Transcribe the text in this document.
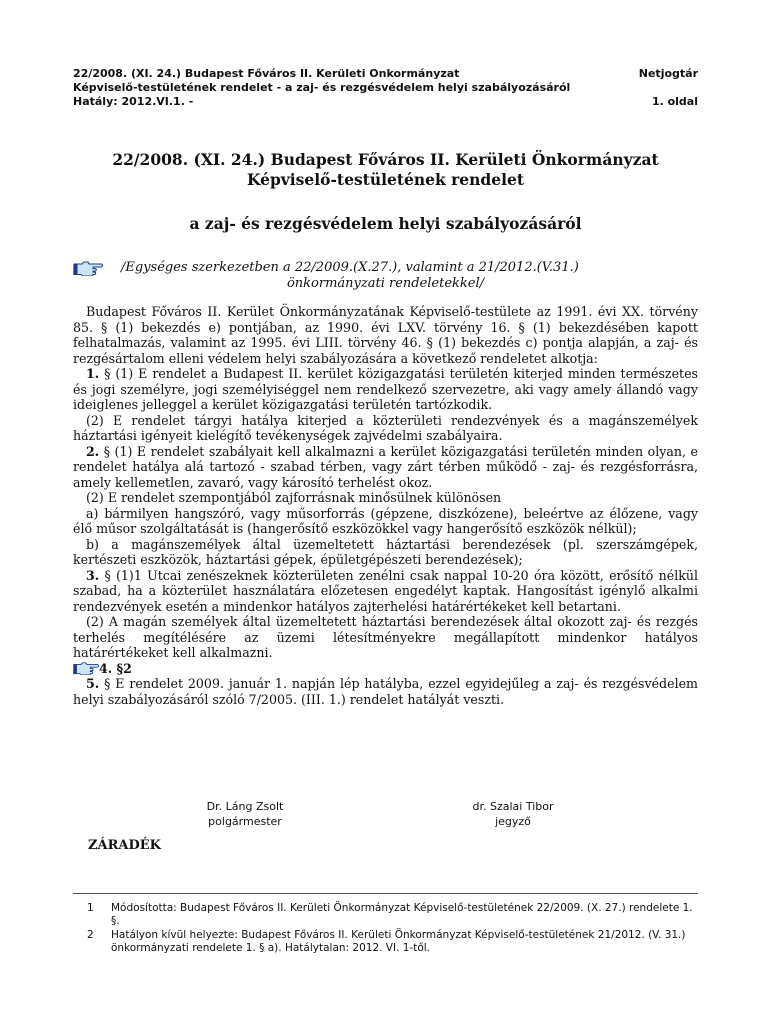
22/2008. (XI. 24.) Budapest Főváros II. Kerületi Onkormányzat	Netjogtár
Képviselő-testületének rendelet - a zaj- és rezgésvédelem helyi szabályozásáról
Hatály: 2012.VI.1. -	1. oldal
22/2008. (XI. 24.) Budapest Főváros II. Kerületi Önkormányzat
Képviselő-testületének rendelet
a zaj- és rezgésvédelem helyi szabályozásáról
/Egységes szerkezetben a 22/2009.(X.27.), valamint a 21/2012.(V.31.)
önkormányzati rendeletekkel/

Budapest Főváros II. Kerület Önkormányzatának Képviselő-testülete az 1991. évi XX. törvény 85. § (1) bekezdés e) pontjában, az 1990. évi LXV. törvény 16. § (1) bekezdésében kapott felhatalmazás, valamint az 1995. évi LIII. törvény 46. § (1) bekezdés c) pontja alapján, a zaj- és rezgésártalom elleni védelem helyi szabályozására a következő rendeletet alkotja:

1. § (1) E rendelet a Budapest II. kerület közigazgatási területén kiterjed minden természetes és jogi személyre, jogi személyiséggel nem rendelkező szervezetre, aki vagy amely állandó vagy ideiglenes jelleggel a kerület közigazgatási területén tartózkodik.

(2) E rendelet tárgyi hatálya kiterjed a közterületi rendezvények és a magánszemélyek háztartási igényeit kielégítő tevékenységek zajvédelmi szabályaira.

2. § (1) E rendelet szabályait kell alkalmazni a kerület közigazgatási területén minden olyan, e rendelet hatálya alá tartozó - szabad térben, vagy zárt térben működő - zaj- és rezgésforrásra, amely kellemetlen, zavaró, vagy károsító terhelést okoz.

(2) E rendelet szempontjából zajforrásnak minősülnek különösen

a) bármilyen hangszóró, vagy műsorforrás (gépzene, diszkózene), beleértve az élőzene, vagy élő műsor szolgáltatását is (hangerősítő eszközökkel vagy hangerősítő eszközök nélkül);

b) a magánszemélyek által üzemeltetett háztartási berendezések (pl. szerszámgépek, kertészeti eszközök, háztartási gépek, épületgépészeti berendezések);

3. § (1)1 Utcai zenészeknek közterületen zenélni csak nappal 10-20 óra között, erősítő nélkül szabad, ha a közterület használatára előzetesen engedélyt kaptak. Hangosítást igénylő alkalmi rendezvények esetén a mindenkor hatályos zajterhelési határértékeket kell betartani.

(2) A magán személyek által üzemeltetett háztartási berendezések által okozott zaj- és rezgés terhelés megítélésére az üzemi létesítményekre megállapított mindenkor hatályos határértékeket kell alkalmazni.

4. §2

5. § E rendelet 2009. január 1. napján lép hatályba, ezzel egyidejűleg a zaj- és rezgésvédelem helyi szabályozásáról szóló 7/2005. (III. 1.) rendelet hatályát veszti.

Dr. Láng Zsolt
polgármester
dr. Szalai Tibor
jegyző
ZÁRADÉK
1	Módosította: Budapest Főváros II. Kerületi Önkormányzat Képviselő-testületének 22/2009. (X. 27.) rendelete 1. §.
2	Hatályon kívül helyezte: Budapest Főváros II. Kerületi Önkormányzat Képviselő-testületének 21/2012. (V. 31.) önkormányzati rendelete 1. § a). Hatálytalan: 2012. VI. 1-től.
